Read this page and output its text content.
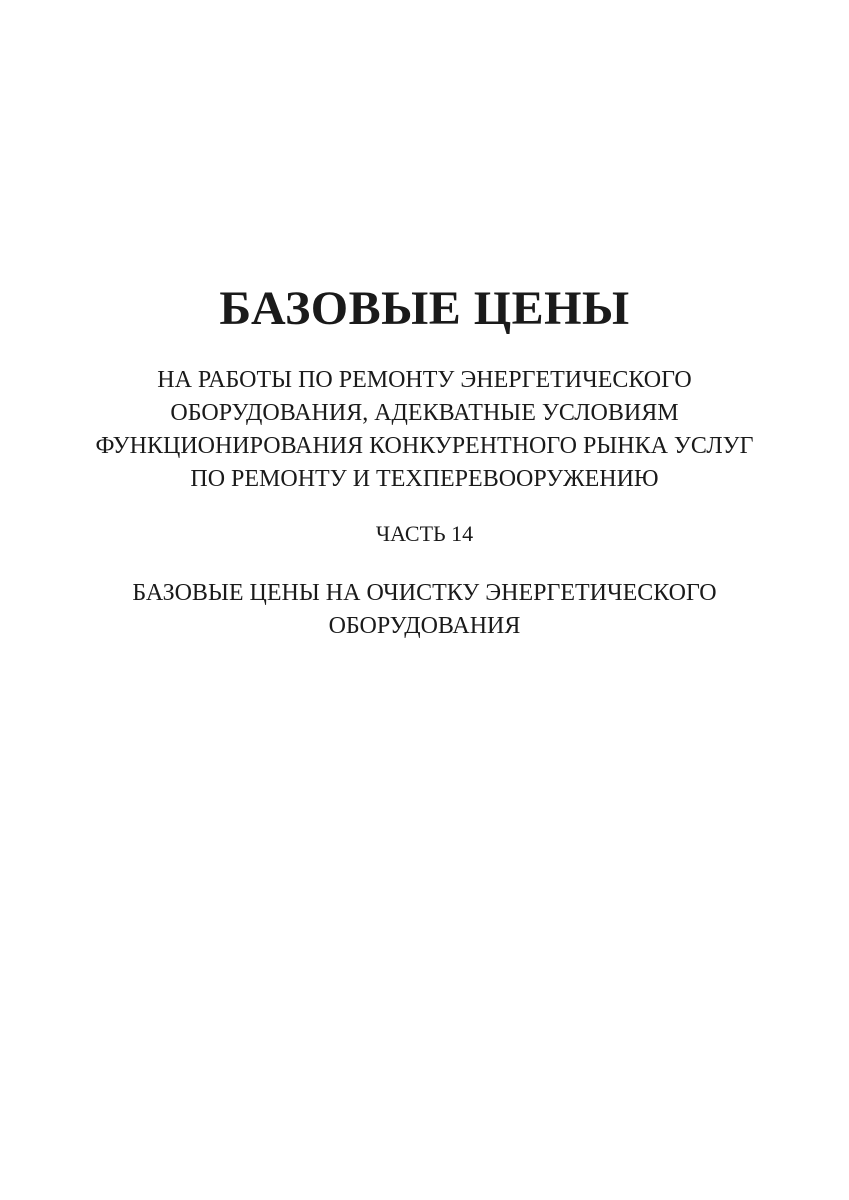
БАЗОВЫЕ ЦЕНЫ
НА РАБОТЫ ПО РЕМОНТУ ЭНЕРГЕТИЧЕСКОГО
ОБОРУДОВАНИЯ, АДЕКВАТНЫЕ УСЛОВИЯМ
ФУНКЦИОНИРОВАНИЯ КОНКУРЕНТНОГО РЫНКА УСЛУГ
ПО РЕМОНТУ И ТЕХПЕРЕВООРУЖЕНИЮ
ЧАСТЬ 14
БАЗОВЫЕ ЦЕНЫ НА ОЧИСТКУ ЭНЕРГЕТИЧЕСКОГО
ОБОРУДОВАНИЯ
